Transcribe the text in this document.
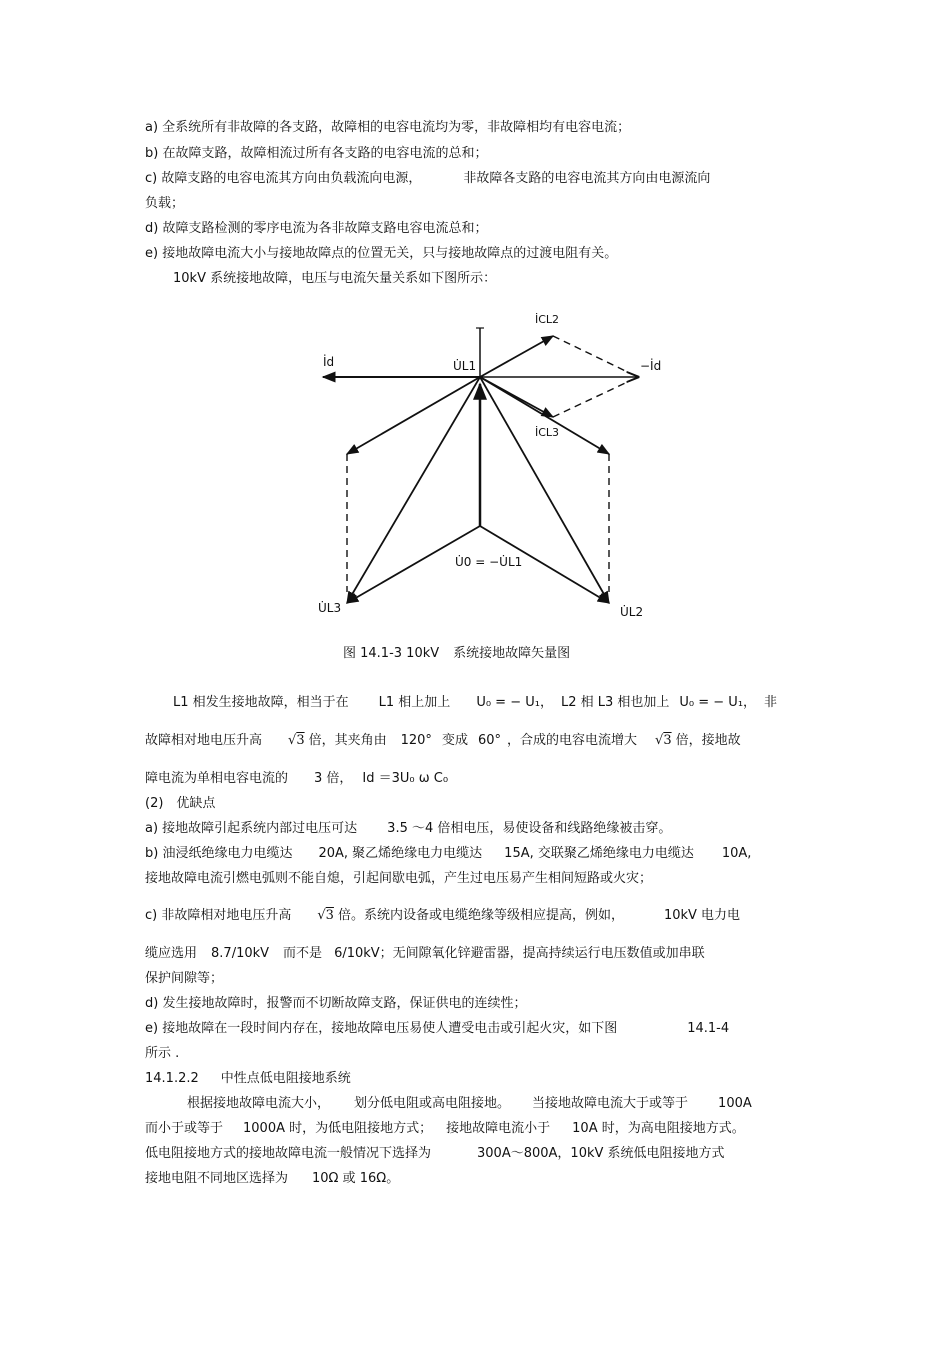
a) 全系统所有非故障的各支路，故障相的电容电流均为零，非故障相均有电容电流；
b) 在故障支路，故障相流过所有各支路的电容电流的总和；
c) 故障支路的电容电流其方向由负载流向电源，	非故障各支路的电容电流其方向由电源流向
负载；
d) 故障支路检测的零序电流为各非故障支路电容电流总和；
e) 接地故障电流大小与接地故障点的位置无关，只与接地故障点的过渡电阻有关。
10kV 系统接地故障，电压与电流矢量关系如下图所示：
İd	U̇L1	−İd
İCL2
İCL3
U̇0 = −U̇L1
U̇L3	U̇L2
图 14.1-3 10kV 系统接地故障矢量图
L1 相发生接地故障，相当于在 L1 相上加上 U₀ = − U₁， L2 相 L3 相也加上 U₀ = − U₁， 非
故障相对地电压升高 √3 倍，其夹角由 120° 变成 60° ，合成的电容电流增大 √3 倍，接地故
障电流为单相电容电流的 3 倍， Id ＝3U₀ ω C₀
(2)　优缺点
a) 接地故障引起系统内部过电压可达 3.5 ～4 倍相电压，易使设备和线路绝缘被击穿。
b) 油浸纸绝缘电力电缆达 20A, 聚乙烯绝缘电力电缆达 15A, 交联聚乙烯绝缘电力电缆达 10A,
接地故障电流引燃电弧则不能自熄，引起间歇电弧，产生过电压易产生相间短路或火灾；
c) 非故障相对地电压升高 √3 倍。系统内设备或电缆绝缘等级相应提高，例如，	10kV 电力电
缆应选用 8.7/10kV 而不是 6/10kV；无间隙氧化锌避雷器，提高持续运行电压数值或加串联
保护间隙等；
d) 发生接地故障时，报警而不切断故障支路，保证供电的连续性；
e) 接地故障在一段时间内存在，接地故障电压易使人遭受电击或引起火灾，如下图	14.1-4
所示 .
14.1.2.2 中性点低电阻接地系统
根据接地故障电流大小， 划分低电阻或高电阻接地。 当接地故障电流大于或等于 100A
而小于或等于 1000A 时，为低电阻接地方式； 接地故障电流小于 10A 时，为高电阻接地方式。
低电阻接地方式的接地故障电流一般情况下选择为	300A～800A，10kV 系统低电阻接地方式
接地电阻不同地区选择为 10Ω 或 16Ω。
